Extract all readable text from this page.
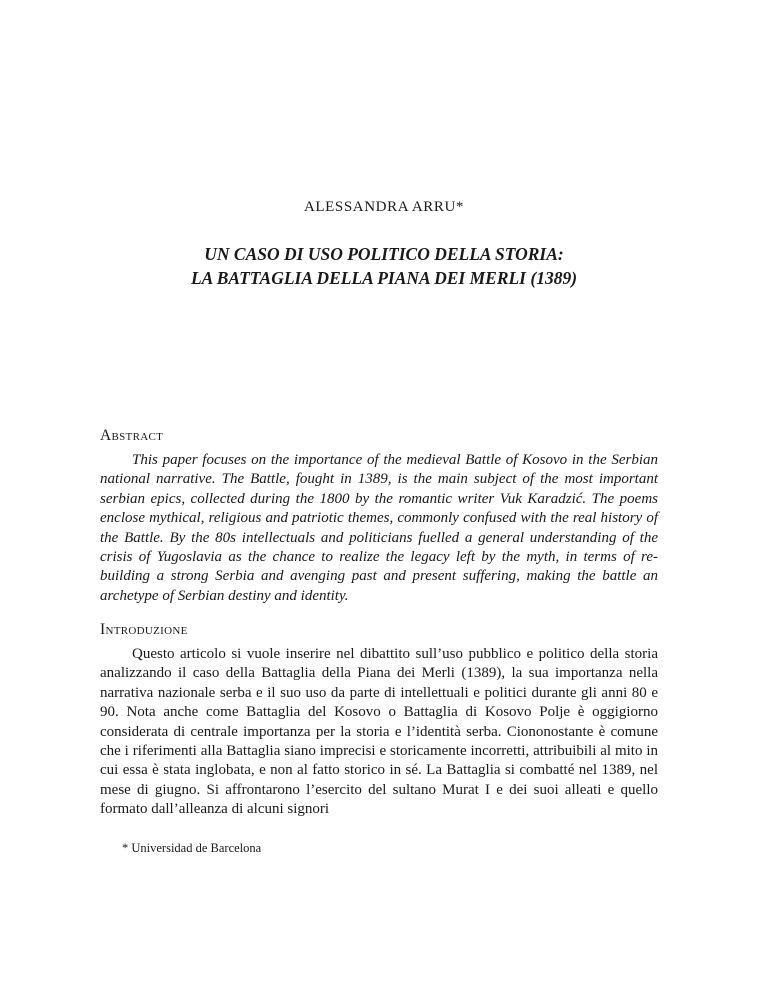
ALESSANDRA ARRU*
UN CASO DI USO POLITICO DELLA STORIA:
LA BATTAGLIA DELLA PIANA DEI MERLI (1389)
Abstract

This paper focuses on the importance of the medieval Battle of Kosovo in the Serbian national narrative. The Battle, fought in 1389, is the main subject of the most important serbian epics, collected during the 1800 by the romantic writer Vuk Karadzić. The poems enclose mythical, religious and patriotic themes, commonly confused with the real history of the Battle. By the 80s intellectuals and politicians fuelled a general understanding of the crisis of Yugoslavia as the chance to realize the legacy left by the myth, in terms of re-building a strong Serbia and avenging past and present suffering, making the battle an archetype of Serbian destiny and identity.

Introduzione

Questo articolo si vuole inserire nel dibattito sull’uso pubblico e politico della storia analizzando il caso della Battaglia della Piana dei Merli (1389), la sua importanza nella narrativa nazionale serba e il suo uso da parte di intellettuali e politici durante gli anni 80 e 90. Nota anche come Battaglia del Kosovo o Battaglia di Kosovo Polje è oggigiorno considerata di centrale importanza per la storia e l’identità serba. Ciononostante è comune che i riferimenti alla Battaglia siano imprecisi e storicamente incorretti, attribuibili al mito in cui essa è stata inglobata, e non al fatto storico in sé. La Battaglia si combatté nel 1389, nel mese di giugno. Si affrontarono l’esercito del sultano Murat I e dei suoi alleati e quello formato dall’alleanza di alcuni signori

* Universidad de Barcelona
